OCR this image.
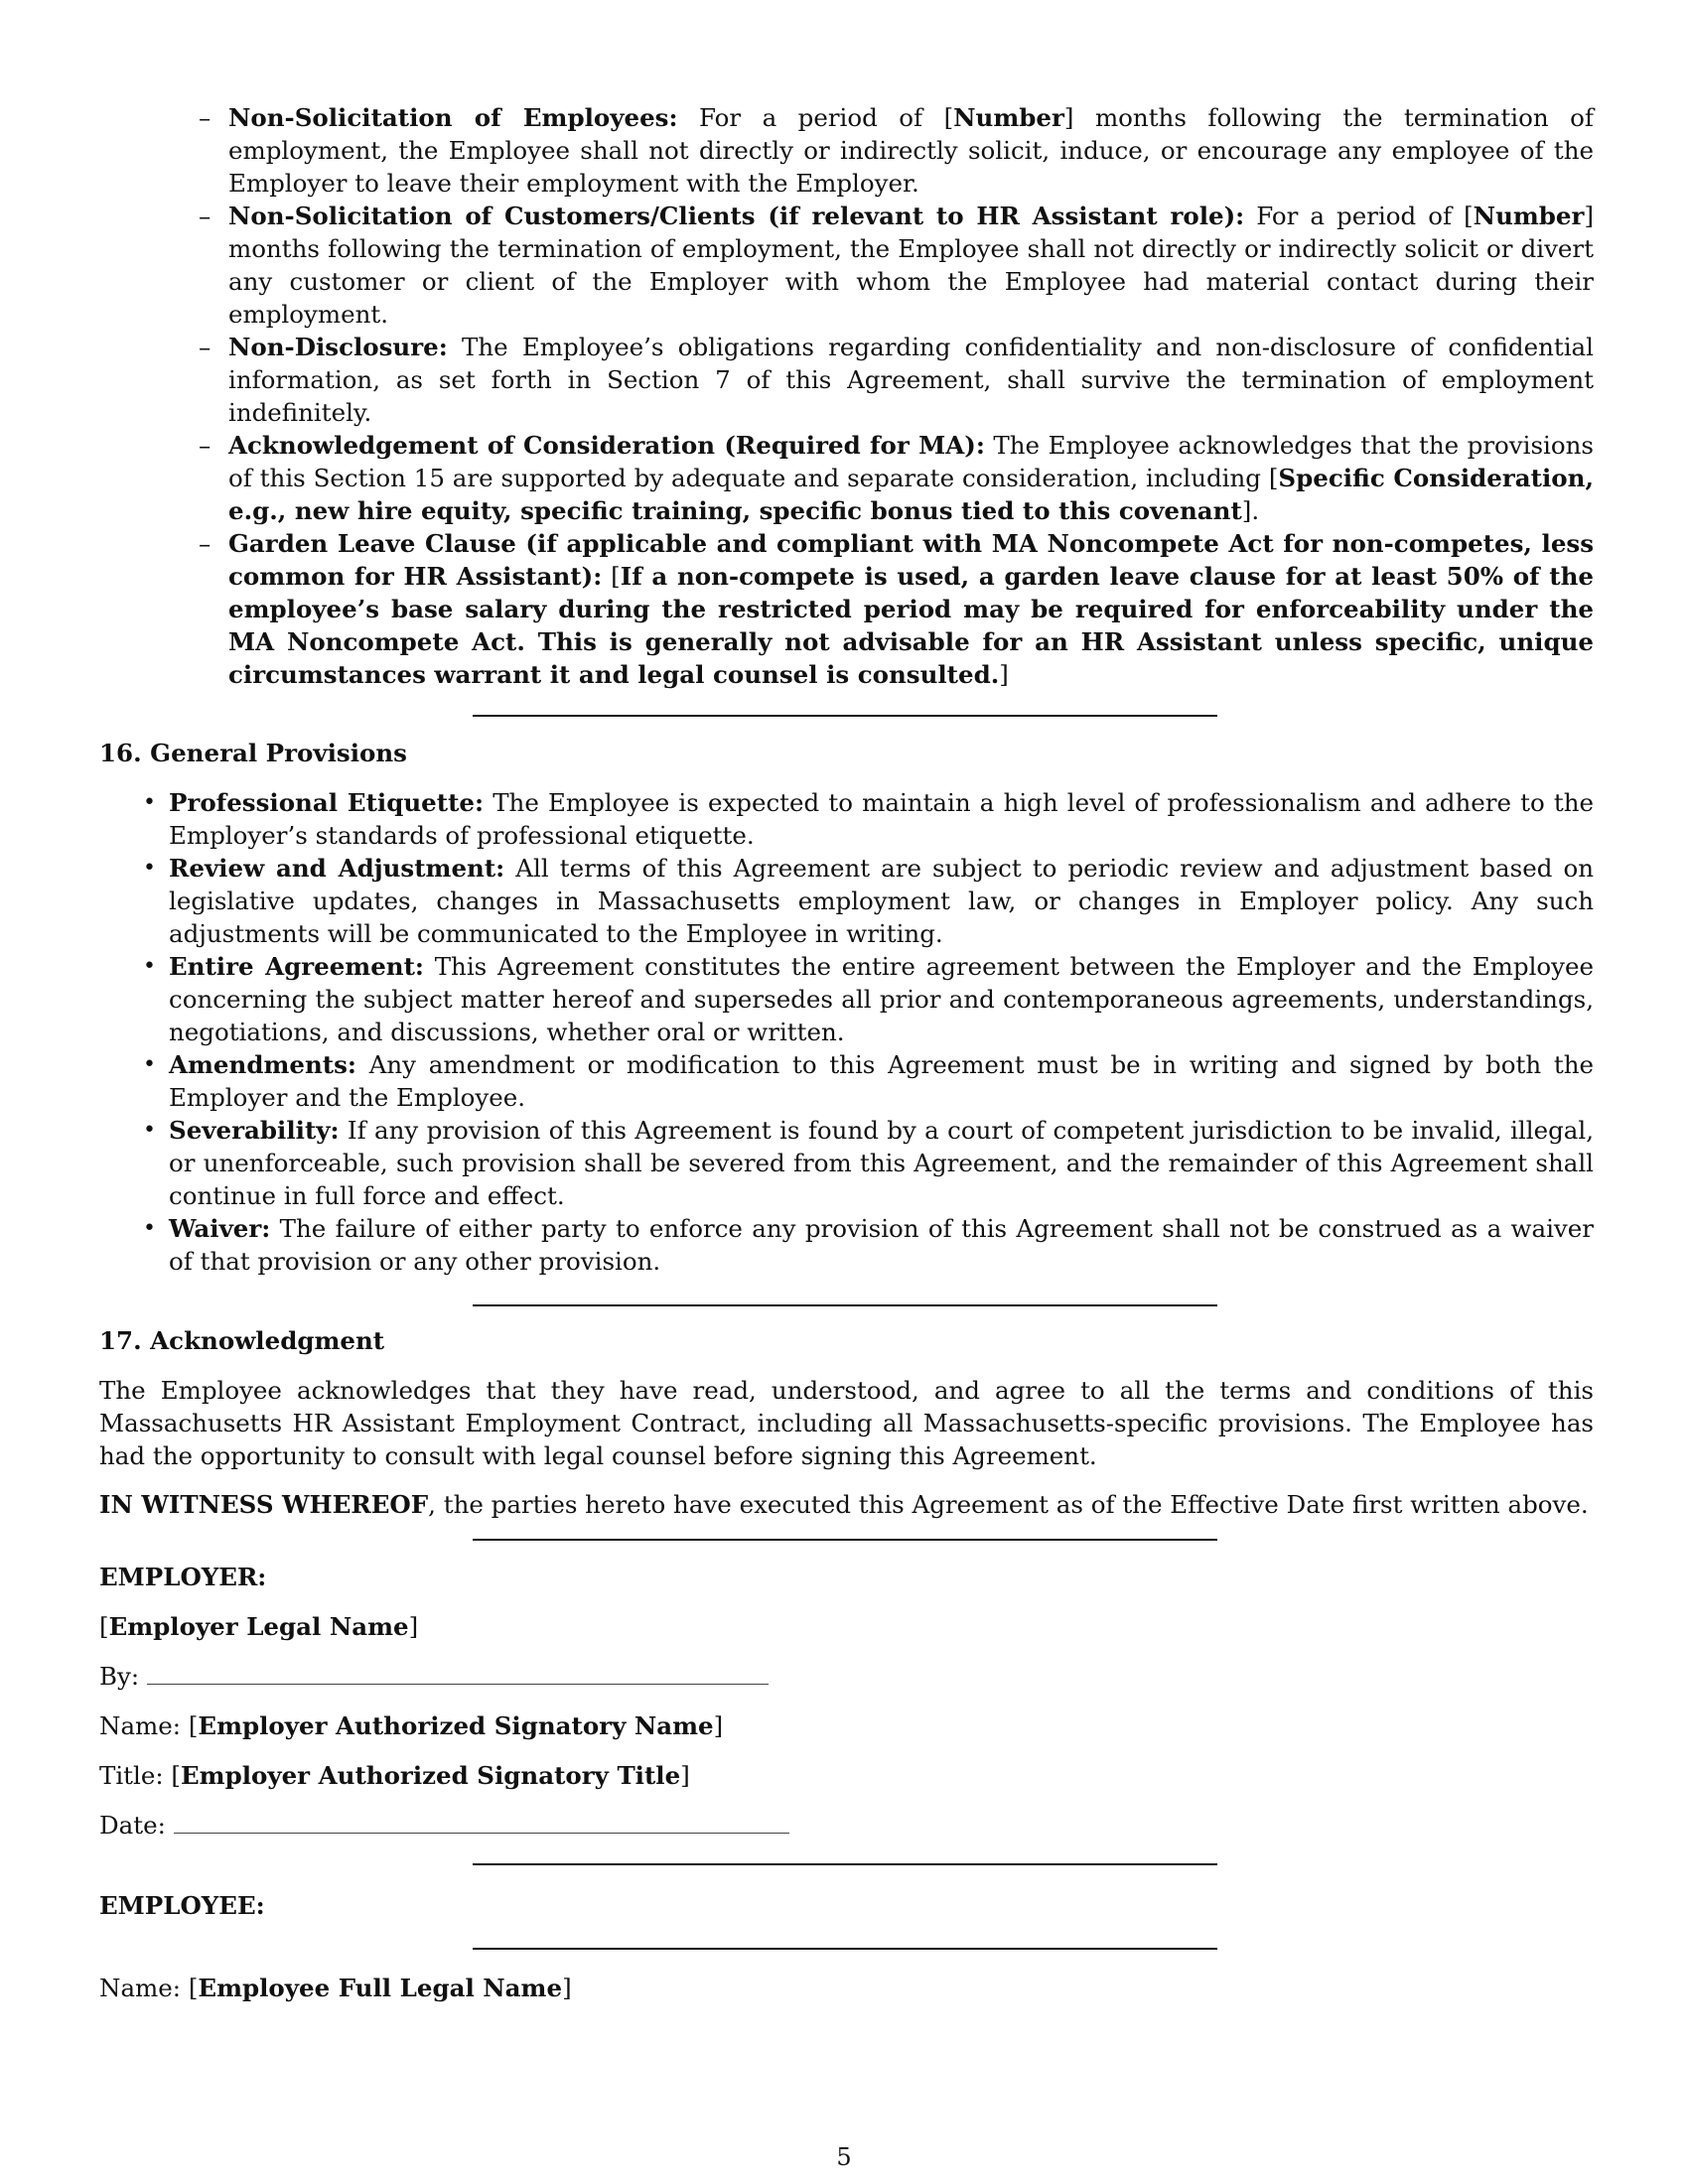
– Non-Solicitation of Employees: For a period of [Number] months following the termination of employment, the Employee shall not directly or indirectly solicit, induce, or encourage any employee of the Employer to leave their employment with the Employer.
– Non-Solicitation of Customers/Clients (if relevant to HR Assistant role): For a period of [Number] months following the termination of employment, the Employee shall not directly or indirectly solicit or divert any customer or client of the Employer with whom the Employee had material contact during their employment.
– Non-Disclosure: The Employee’s obligations regarding confidentiality and non-disclosure of confidential information, as set forth in Section 7 of this Agreement, shall survive the termination of employment indefinitely.
– Acknowledgement of Consideration (Required for MA): The Employee acknowledges that the provisions of this Section 15 are supported by adequate and separate consideration, including [Specific Consideration, e.g., new hire equity, specific training, specific bonus tied to this covenant].
– Garden Leave Clause (if applicable and compliant with MA Noncompete Act for non-competes, less common for HR Assistant): [If a non-compete is used, a garden leave clause for at least 50% of the employee’s base salary during the restricted period may be required for enforceability under the MA Noncompete Act. This is generally not advisable for an HR Assistant unless specific, unique circumstances warrant it and legal counsel is consulted.]

16. General Provisions

• Professional Etiquette: The Employee is expected to maintain a high level of professionalism and adhere to the Employer’s standards of professional etiquette.
• Review and Adjustment: All terms of this Agreement are subject to periodic review and adjustment based on legislative updates, changes in Massachusetts employment law, or changes in Employer policy. Any such adjustments will be communicated to the Employee in writing.
• Entire Agreement: This Agreement constitutes the entire agreement between the Employer and the Employee concerning the subject matter hereof and supersedes all prior and contemporaneous agreements, understandings, negotiations, and discussions, whether oral or written.
• Amendments: Any amendment or modification to this Agreement must be in writing and signed by both the Employer and the Employee.
• Severability: If any provision of this Agreement is found by a court of competent jurisdiction to be invalid, illegal, or unenforceable, such provision shall be severed from this Agreement, and the remainder of this Agreement shall continue in full force and effect.
• Waiver: The failure of either party to enforce any provision of this Agreement shall not be construed as a waiver of that provision or any other provision.

17. Acknowledgment

The Employee acknowledges that they have read, understood, and agree to all the terms and conditions of this Massachusetts HR Assistant Employment Contract, including all Massachusetts-specific provisions. The Employee has had the opportunity to consult with legal counsel before signing this Agreement.

IN WITNESS WHEREOF, the parties hereto have executed this Agreement as of the Effective Date first written above.

EMPLOYER:

[Employer Legal Name]

By:

Name: [Employer Authorized Signatory Name]

Title: [Employer Authorized Signatory Title]

Date:

EMPLOYEE:

Name: [Employee Full Legal Name]

5
